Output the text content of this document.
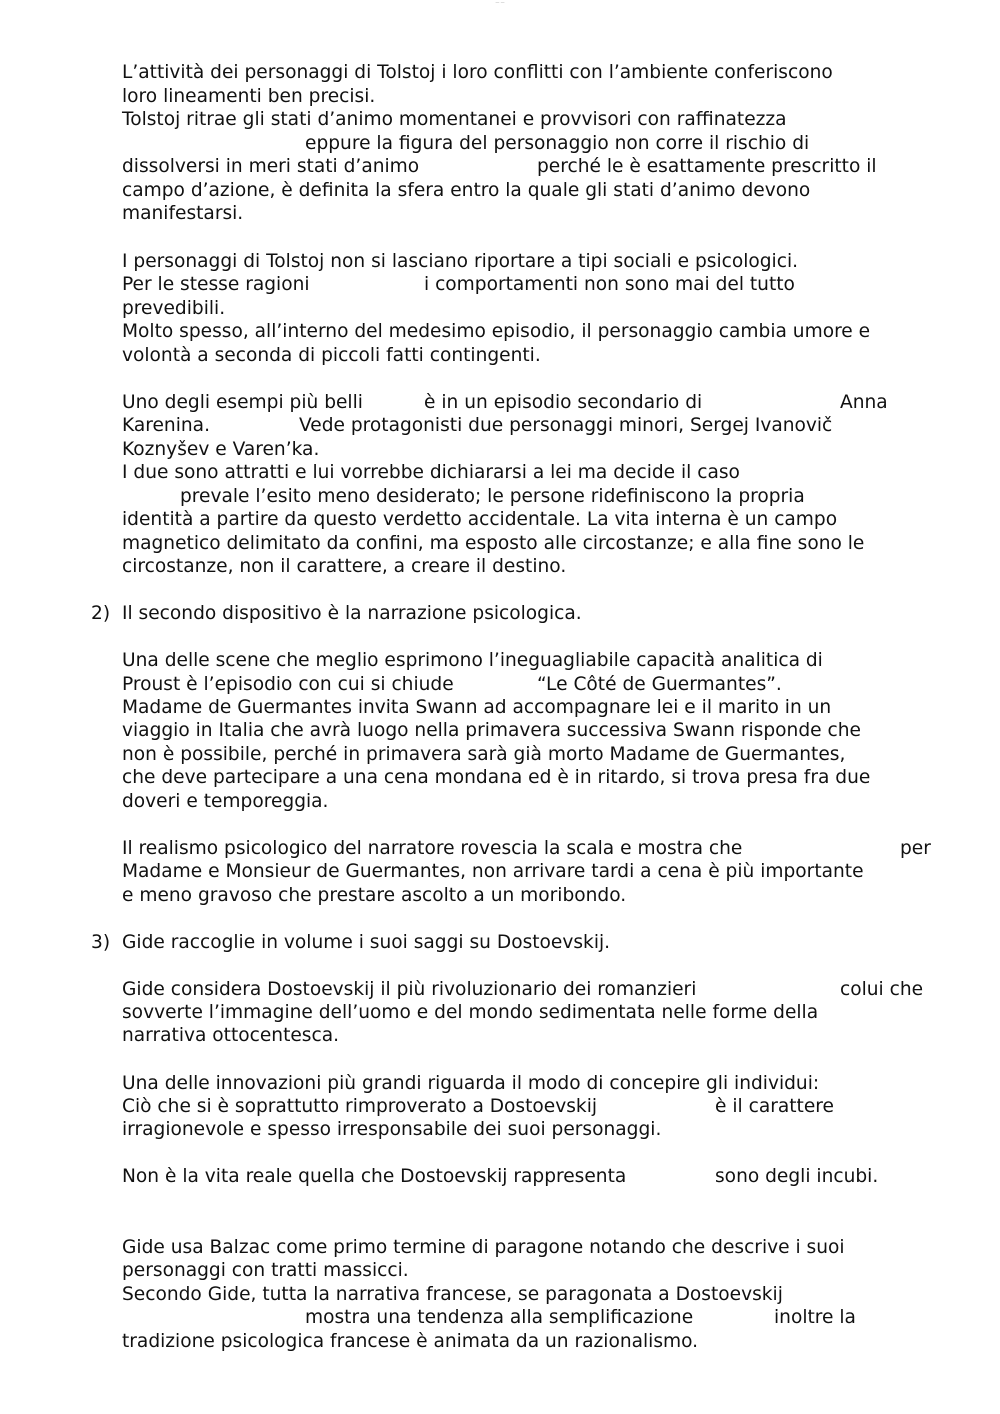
— —
L’attività dei personaggi di Tolstoj i loro conflitti con l’ambiente conferiscono
loro lineamenti ben precisi.
Tolstoj ritrae gli stati d’animo momentanei e provvisori con raffinatezza
eppure la figura del personaggio non corre il rischio di
dissolversi in meri stati d’animo	perché le è esattamente prescritto il
campo d’azione, è definita la sfera entro la quale gli stati d’animo devono
manifestarsi.
I personaggi di Tolstoj non si lasciano riportare a tipi sociali e psicologici.
Per le stesse ragioni	i comportamenti non sono mai del tutto
prevedibili.
Molto spesso, all’interno del medesimo episodio, il personaggio cambia umore e
volontà a seconda di piccoli fatti contingenti.
Uno degli esempi più belli	è in un episodio secondario di	Anna
Karenina.	Vede protagonisti due personaggi minori, Sergej Ivanovič
Koznyšev e Varen’ka.
I due sono attratti e lui vorrebbe dichiararsi a lei ma decide il caso
prevale l’esito meno desiderato; le persone ridefiniscono la propria
identità a partire da questo verdetto accidentale. La vita interna è un campo
magnetico delimitato da confini, ma esposto alle circostanze; e alla fine sono le
circostanze, non il carattere, a creare il destino.
2) Il secondo dispositivo è la narrazione psicologica.
Una delle scene che meglio esprimono l’ineguagliabile capacità analitica di
Proust è l’episodio con cui si chiude	“Le Côté de Guermantes”.
Madame de Guermantes invita Swann ad accompagnare lei e il marito in un
viaggio in Italia che avrà luogo nella primavera successiva Swann risponde che
non è possibile, perché in primavera sarà già morto Madame de Guermantes,
che deve partecipare a una cena mondana ed è in ritardo, si trova presa fra due
doveri e temporeggia.
Il realismo psicologico del narratore rovescia la scala e mostra che	per
Madame e Monsieur de Guermantes, non arrivare tardi a cena è più importante
e meno gravoso che prestare ascolto a un moribondo.
3) Gide raccoglie in volume i suoi saggi su Dostoevskij.
Gide considera Dostoevskij il più rivoluzionario dei romanzieri	colui che
sovverte l’immagine dell’uomo e del mondo sedimentata nelle forme della
narrativa ottocentesca.
Una delle innovazioni più grandi riguarda il modo di concepire gli individui:
Ciò che si è soprattutto rimproverato a Dostoevskij	è il carattere
irragionevole e spesso irresponsabile dei suoi personaggi.
Non è la vita reale quella che Dostoevskij rappresenta	sono degli incubi.
Gide usa Balzac come primo termine di paragone notando che descrive i suoi
personaggi con tratti massicci.
Secondo Gide, tutta la narrativa francese, se paragonata a Dostoevskij
mostra una tendenza alla semplificazione	inoltre la
tradizione psicologica francese è animata da un razionalismo.
